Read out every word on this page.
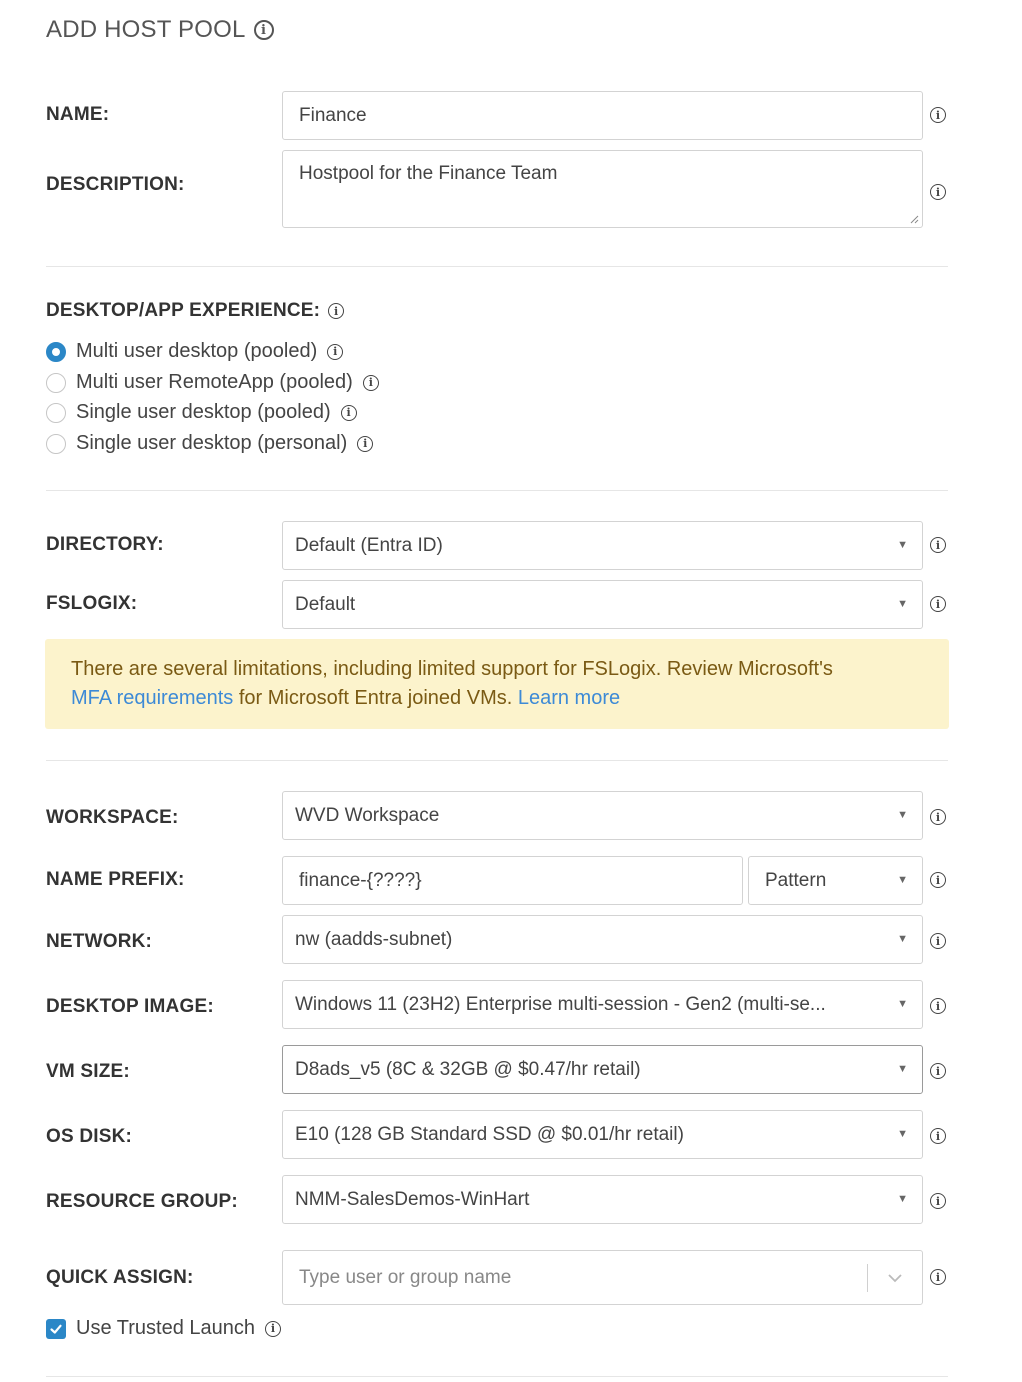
ADD HOST POOL	i
NAME:	Finance	i
DESCRIPTION:
Hostpool for the Finance Team
i
DESKTOP/APP EXPERIENCE:	i
Multi user desktop (pooled)	i
Multi user RemoteApp (pooled)	i
Single user desktop (pooled)	i
Single user desktop (personal)	i
DIRECTORY:	Default (Entra ID)	▼	i
FSLOGIX:	Default	▼	i
There are several limitations, including limited support for FSLogix. Review Microsoft's
MFA requirements for Microsoft Entra joined VMs. Learn more
WORKSPACE:	WVD Workspace	▼	i
NAME PREFIX:	finance-{????}	Pattern	▼	i
NETWORK:	nw (aadds-subnet)	▼	i
DESKTOP IMAGE:	Windows 11 (23H2) Enterprise multi-session - Gen2 (multi-se...	▼	i
VM SIZE:	D8ads_v5 (8C & 32GB @ $0.47/hr retail)	▼	i
OS DISK:	E10 (128 GB Standard SSD @ $0.01/hr retail)	▼	i
RESOURCE GROUP:	NMM-SalesDemos-WinHart	▼	i
QUICK ASSIGN:	Type user or group name	i
Use Trusted Launch	i
